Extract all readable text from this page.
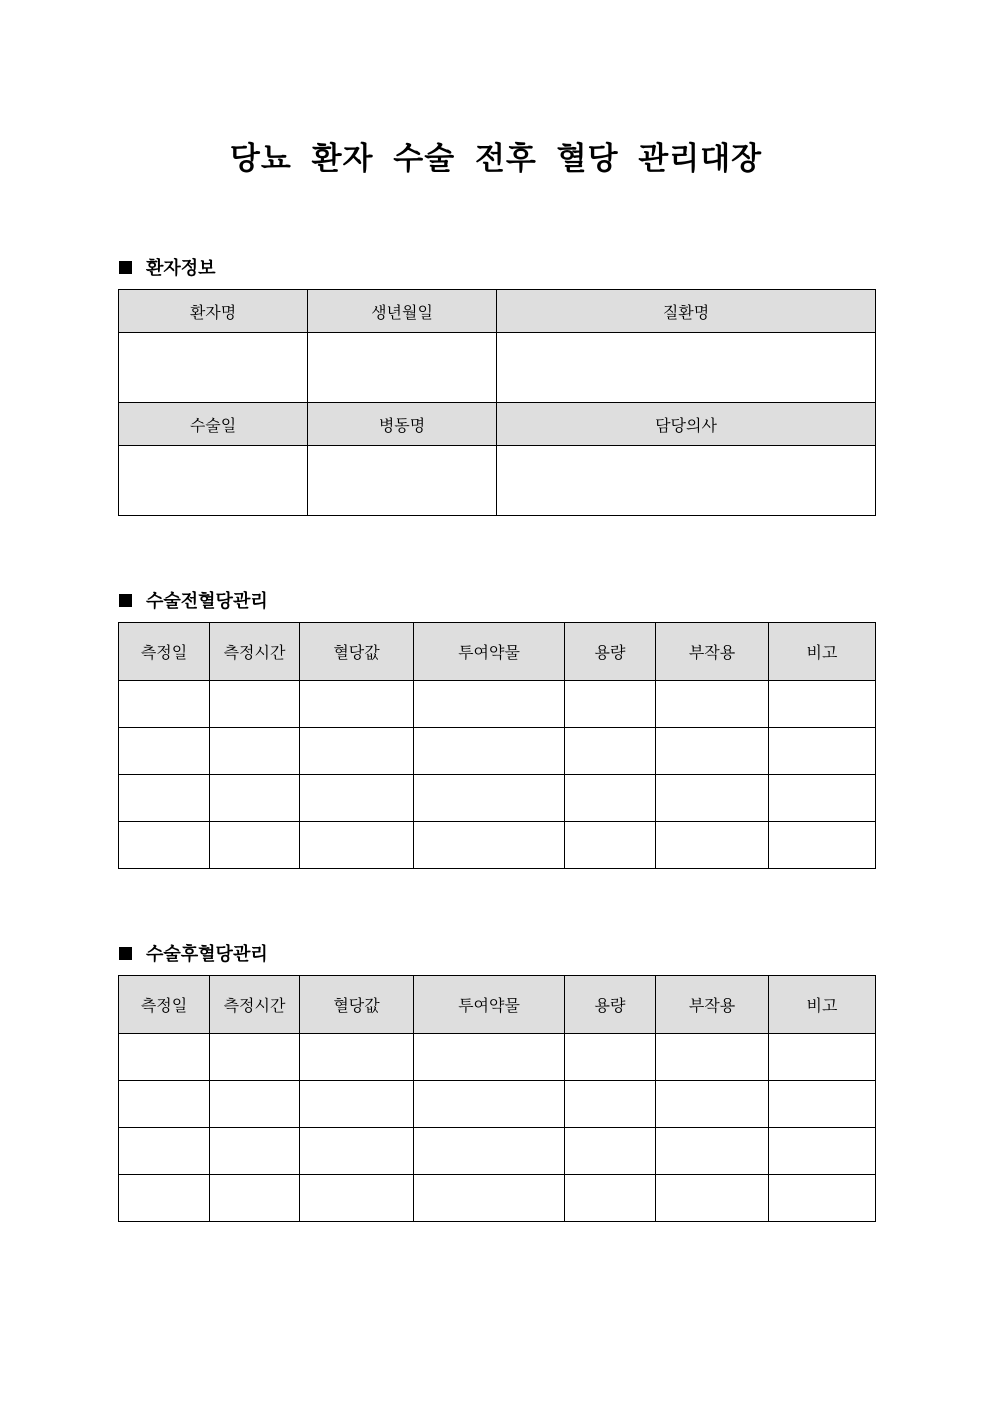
당뇨 환자 수술 전후 혈당 관리대장
환자정보
환자명	생년월일	질환명

수술일	병동명	담당의사

수술전혈당관리
측정일	측정시간	혈당값	투여약물	용량	부작용	비고

수술후혈당관리
측정일	측정시간	혈당값	투여약물	용량	부작용	비고
